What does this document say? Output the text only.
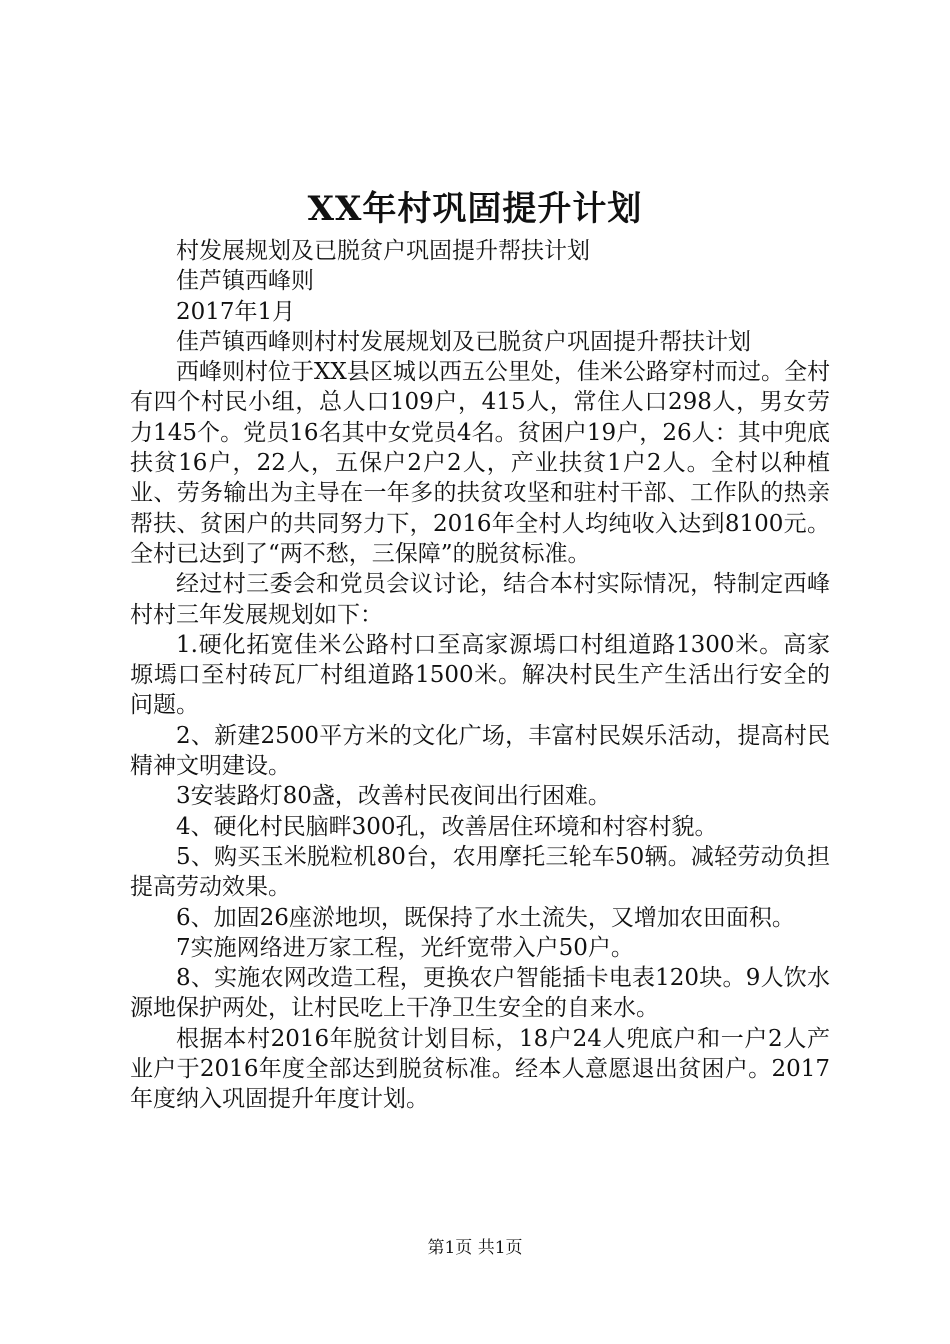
XX年村巩固提升计划

村发展规划及已脱贫户巩固提升帮扶计划

佳芦镇西峰则

2017年1月

佳芦镇西峰则村村发展规划及已脱贫户巩固提升帮扶计划

西峰则村位于XX县区城以西五公里处，佳米公路穿村而过。全村有四个村民小组，总人口109户，415人，常住人口298人，男女劳力145个。党员16名其中女党员4名。贫困户19户，26人：其中兜底扶贫16户，22人，五保户2户2人，产业扶贫1户2人。全村以种植业、劳务输出为主导在一年多的扶贫攻坚和驻村干部、工作队的热亲帮扶、贫困户的共同努力下，2016年全村人均纯收入达到8100元。全村已达到了“两不愁，三保障”的脱贫标准。

经过村三委会和党员会议讨论，结合本村实际情况，特制定西峰村村三年发展规划如下：

1.硬化拓宽佳米公路村口至高家源墕口村组道路1300米。高家塬墕口至村砖瓦厂村组道路1500米。解决村民生产生活出行安全的问题。

2、新建2500平方米的文化广场，丰富村民娱乐活动，提高村民精神文明建设。

3安装路灯80盏，改善村民夜间出行困难。

4、硬化村民脑畔300孔，改善居住环境和村容村貌。

5、购买玉米脱粒机80台，农用摩托三轮车50辆。减轻劳动负担提高劳动效果。

6、加固26座淤地坝，既保持了水土流失，又增加农田面积。

7实施网络进万家工程，光纤宽带入户50户。

8、实施农网改造工程，更换农户智能插卡电表120块。9人饮水源地保护两处，让村民吃上干净卫生安全的自来水。

根据本村2016年脱贫计划目标，18户24人兜底户和一户2人产业户于2016年度全部达到脱贫标准。经本人意愿退出贫困户。2017年度纳入巩固提升年度计划。

第1页 共1页
